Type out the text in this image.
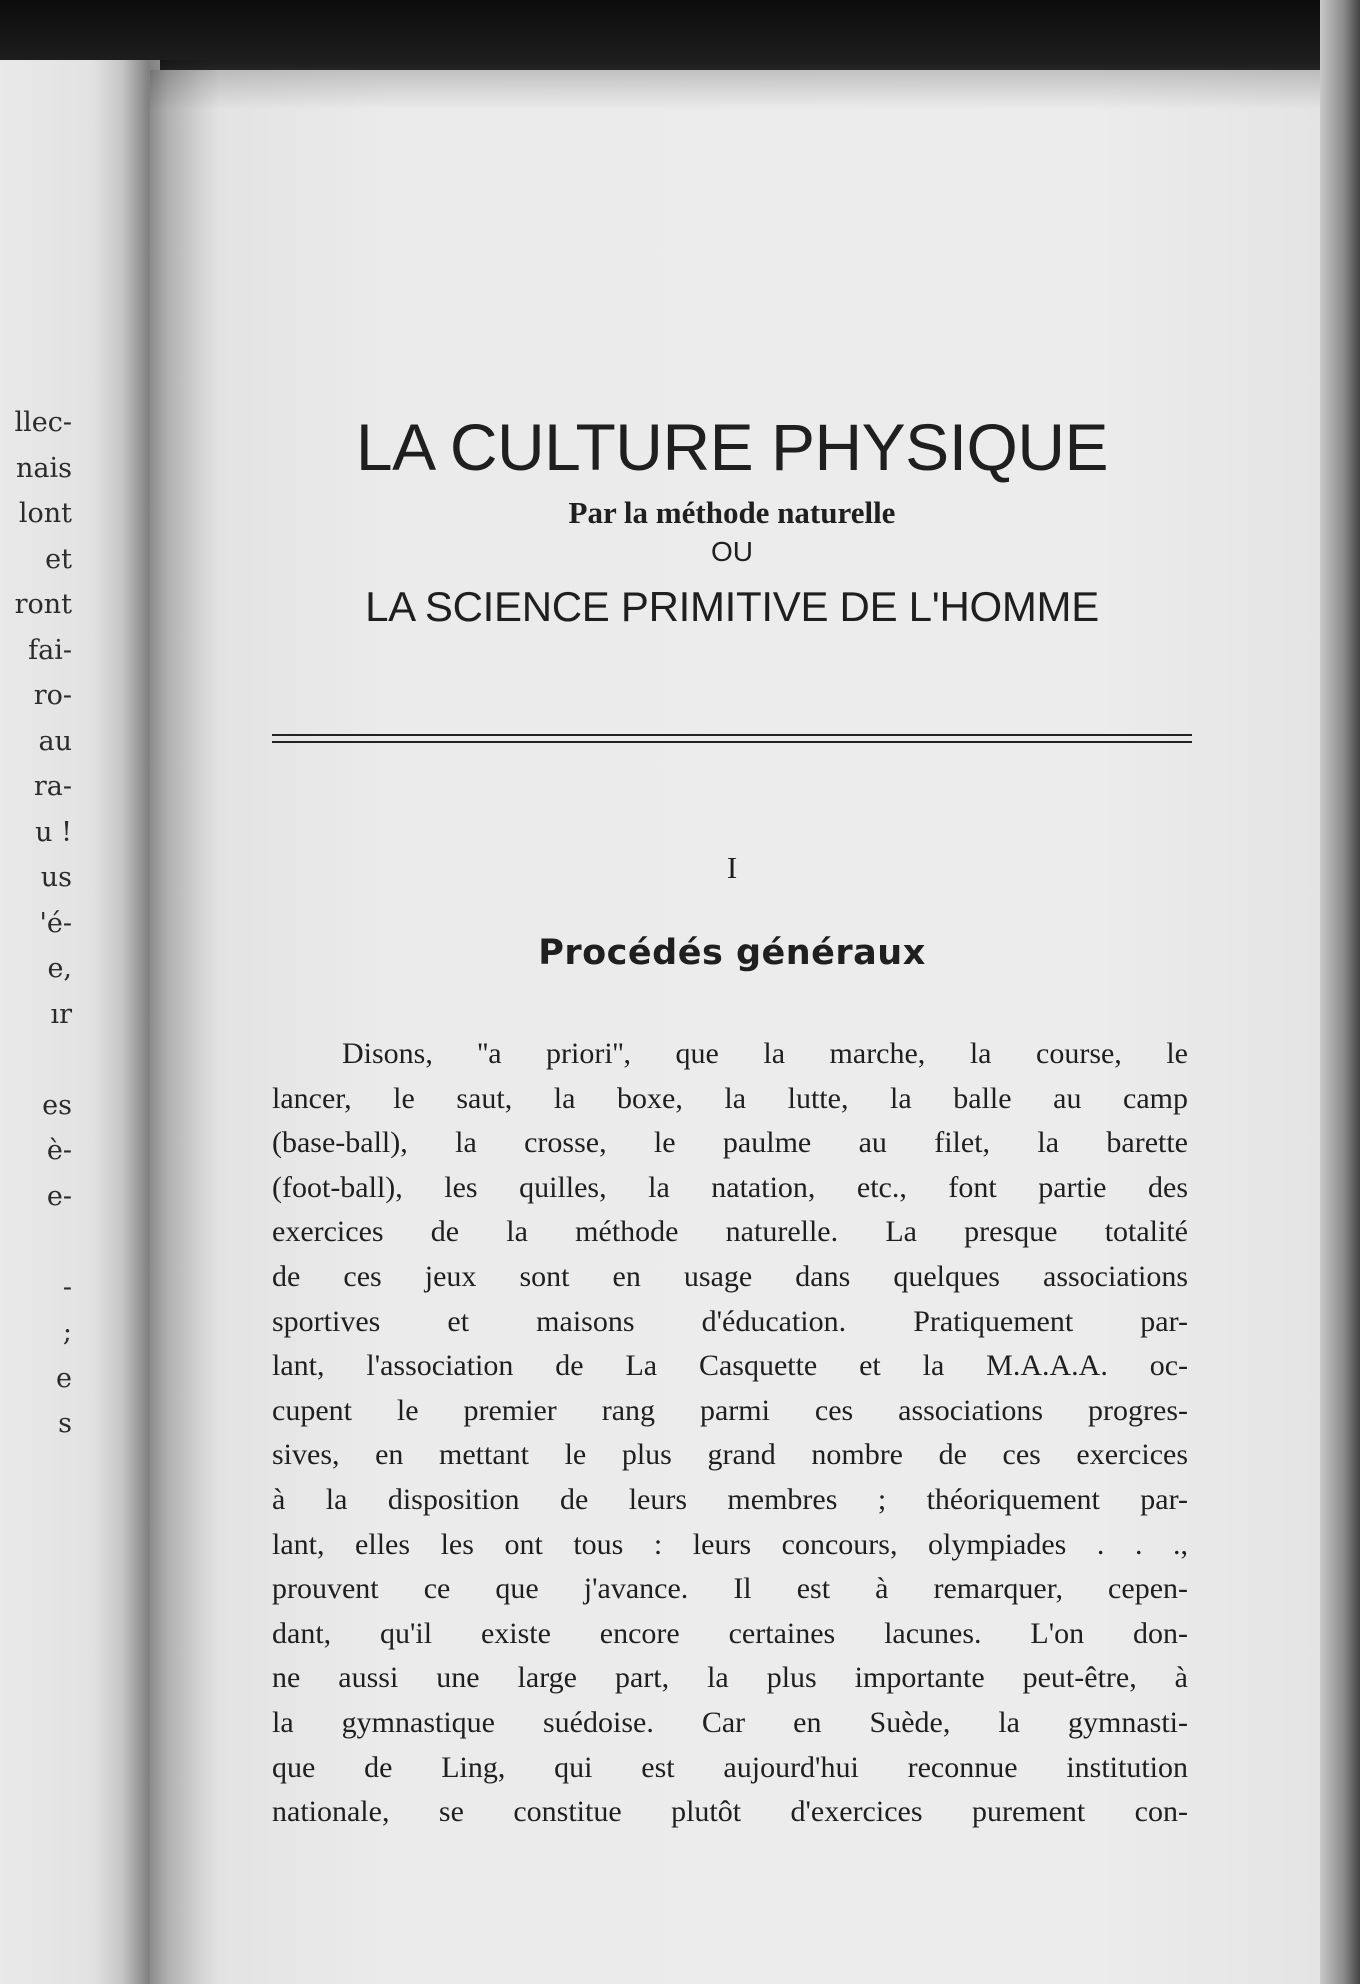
llec-
nais
lont
et
ront
fai-
ro-
au
ra-
u !
us
'é-
e,
ır

es
è-
e-

-
;
e
s
LA CULTURE PHYSIQUE
Par la méthode naturelle
OU
LA SCIENCE PRIMITIVE DE L'HOMME
I
Procédés généraux
Disons, ''a priori'', que la marche, la course, le
lancer, le saut, la boxe, la lutte, la balle au camp
(base-ball), la crosse, le paulme au filet, la barette
(foot-ball), les quilles, la natation, etc., font partie des
exercices de la méthode naturelle. La presque totalité
de ces jeux sont en usage dans quelques associations
sportives et maisons d'éducation. Pratiquement par-
lant, l'association de La Casquette et la M.A.A.A. oc-
cupent le premier rang parmi ces associations progres-
sives, en mettant le plus grand nombre de ces exercices
à la disposition de leurs membres ; théoriquement par-
lant, elles les ont tous : leurs concours, olympiades . . .,
prouvent ce que j'avance. Il est à remarquer, cepen-
dant, qu'il existe encore certaines lacunes. L'on don-
ne aussi une large part, la plus importante peut-être, à
la gymnastique suédoise. Car en Suède, la gymnasti-
que de Ling, qui est aujourd'hui reconnue institution
nationale, se constitue plutôt d'exercices purement con-
